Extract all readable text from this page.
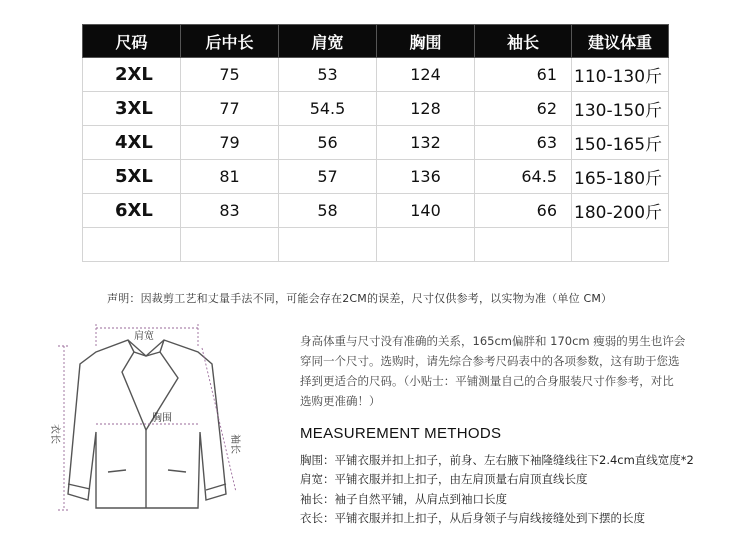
尺码	后中长	肩宽	胸围	袖长	建议体重
2XL	75	53	124	61	110-130斤
3XL	77	54.5	128	62	130-150斤
4XL	79	56	132	63	150-165斤
5XL	81	57	136	64.5	165-180斤
6XL	83	58	140	66	180-200斤

声明：因裁剪工艺和丈量手法不同，可能会存在2CM的误差，尺寸仅供参考，以实物为准（单位 CM）
肩宽
胸围
衣长	袖长
身高体重与尺寸没有准确的关系，165cm偏胖和 170cm 瘦弱的男生也许会
穿同一个尺寸。选购时，请先综合参考尺码表中的各项参数，这有助于您选
择到更适合的尺码。（小贴士：平铺测量自己的合身服装尺寸作参考，对比
选购更准确！）
MEASUREMENT METHODS
胸围：平铺衣服并扣上扣子，前身、左右腋下袖隆缝线往下2.4cm直线宽度*2
肩宽：平铺衣服并扣上扣子，由左肩顶量右肩顶直线长度
袖长：袖子自然平铺，从肩点到袖口长度
衣长：平铺衣服并扣上扣子，从后身领子与肩线接缝处到下摆的长度
